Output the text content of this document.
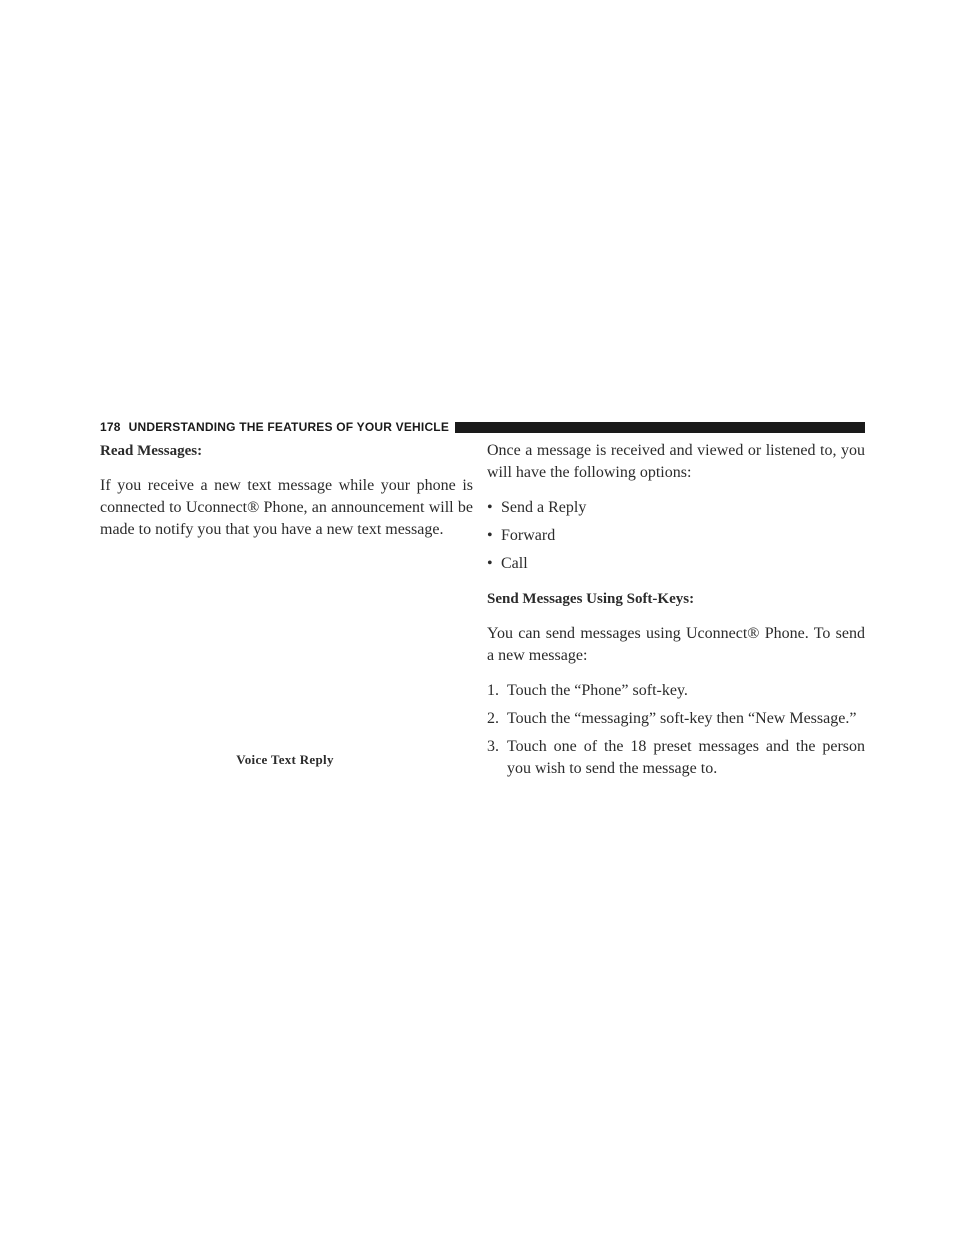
178 UNDERSTANDING THE FEATURES OF YOUR VEHICLE

Read Messages:

If you receive a new text message while your phone is connected to Uconnect® Phone, an announcement will be made to notify you that you have a new text message.

Voice Text Reply

Once a message is received and viewed or listened to, you will have the following options:

• Send a Reply
• Forward
• Call

Send Messages Using Soft-Keys:

You can send messages using Uconnect® Phone. To send a new message:

1. Touch the “Phone” soft-key.
2. Touch the “messaging” soft-key then “New Message.”
3. Touch one of the 18 preset messages and the person you wish to send the message to.
